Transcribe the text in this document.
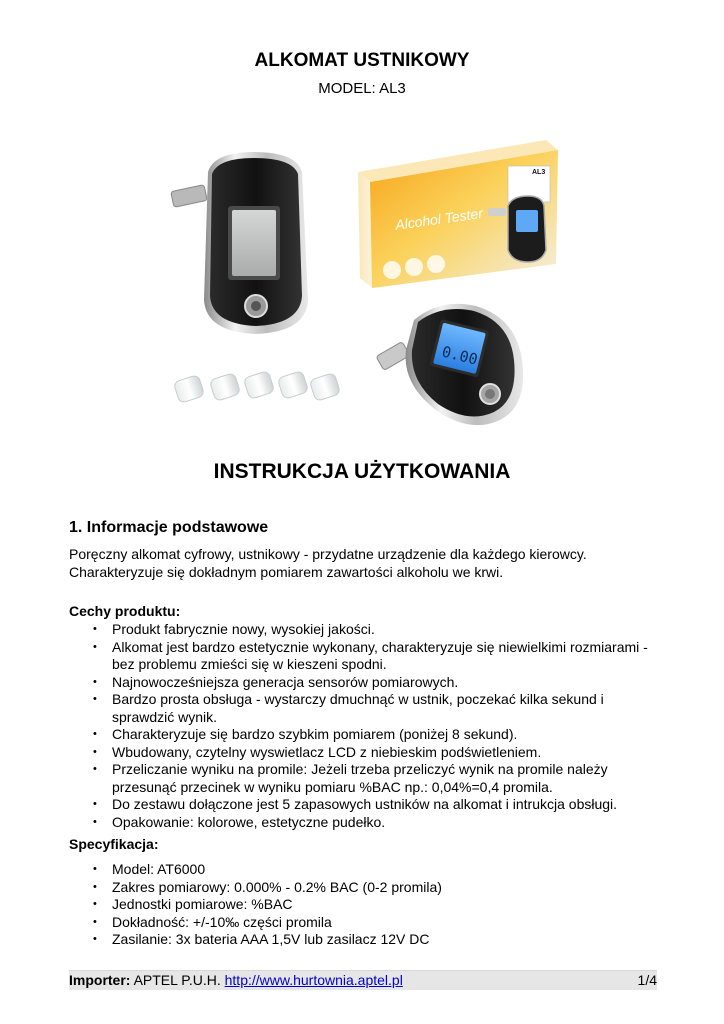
ALKOMAT USTNIKOWY
MODEL: AL3
Alcohol Tester
AL3
0.00
INSTRUKCJA UŻYTKOWANIA
1. Informacje podstawowe

Poręczny alkomat cyfrowy, ustnikowy - przydatne urządzenie dla każdego kierowcy. Charakteryzuje się dokładnym pomiarem zawartości alkoholu we krwi.

Cechy produktu:
• Produkt fabrycznie nowy, wysokiej jakości.
• Alkomat jest bardzo estetycznie wykonany, charakteryzuje się niewielkimi rozmiarami - bez problemu zmieści się w kieszeni spodni.
• Najnowocześniejsza generacja sensorów pomiarowych.
• Bardzo prosta obsługa - wystarczy dmuchnąć w ustnik, poczekać kilka sekund i sprawdzić wynik.
• Charakteryzuje się bardzo szybkim pomiarem (poniżej 8 sekund).
• Wbudowany, czytelny wyswietlacz LCD z niebieskim podświetleniem.
• Przeliczanie wyniku na promile: Jeżeli trzeba przeliczyć wynik na promile należy przesunąć przecinek w wyniku pomiaru %BAC np.: 0,04%=0,4 promila.
• Do zestawu dołączone jest 5 zapasowych ustników na alkomat i intrukcja obsługi.
• Opakowanie: kolorowe, estetyczne pudełko.
Specyfikacja:
• Model: AT6000
• Zakres pomiarowy: 0.000% - 0.2% BAC (0-2 promila)
• Jednostki pomiarowe: %BAC
• Dokładność: +/-10‰ części promila
• Zasilanie: 3x bateria AAA 1,5V lub zasilacz 12V DC
Importer: APTEL P.U.H. http://www.hurtownia.aptel.pl	1/4
